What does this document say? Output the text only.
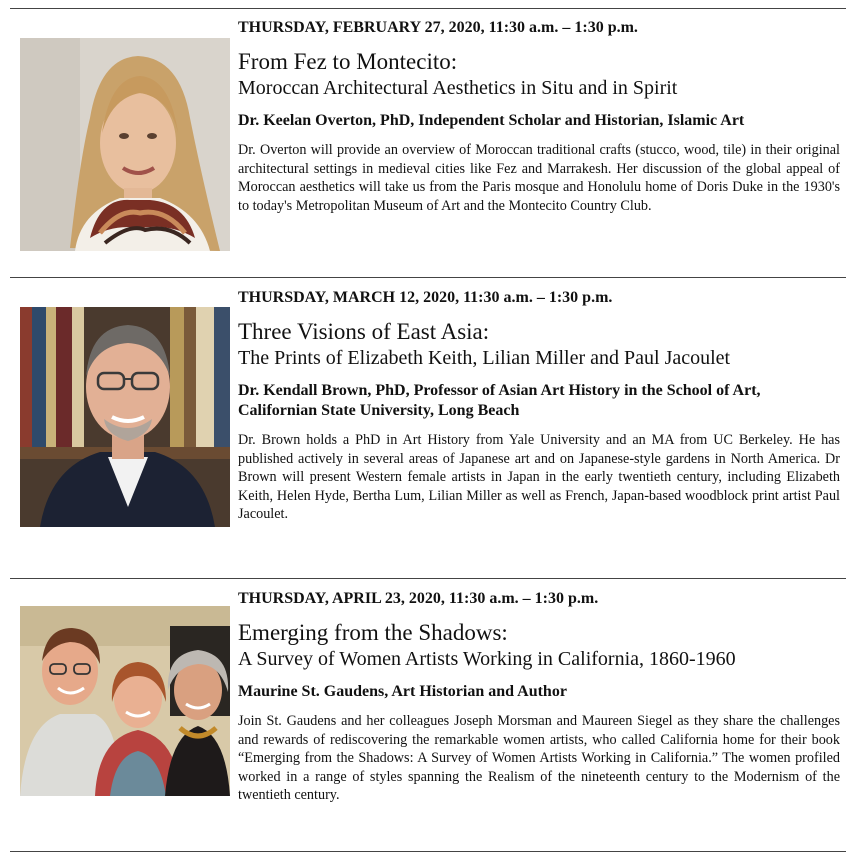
THURSDAY, FEBRUARY 27, 2020, 11:30 a.m. – 1:30 p.m.

From Fez to Montecito:

Moroccan Architectural Aesthetics in Situ and in Spirit

Dr. Keelan Overton, PhD, Independent Scholar and Historian, Islamic Art

Dr. Overton will provide an overview of Moroccan traditional crafts (stucco, wood, tile) in their original architectural settings in medieval cities like Fez and Marrakesh. Her discussion of the global appeal of Moroccan aesthetics will take us from the Paris mosque and Honolulu home of Doris Duke in the 1930's to today's Metropolitan Museum of Art and the Montecito Country Club.

THURSDAY, MARCH 12, 2020, 11:30 a.m. – 1:30 p.m.

Three Visions of East Asia:

The Prints of Elizabeth Keith, Lilian Miller and Paul Jacoulet

Dr. Kendall Brown, PhD, Professor of Asian Art History in the School of Art, Californian State University, Long Beach

Dr. Brown holds a PhD in Art History from Yale University and an MA from UC Berkeley. He has published actively in several areas of Japanese art and on Japanese-style gardens in North America. Dr Brown will present Western female artists in Japan in the early twentieth century, including Elizabeth Keith, Helen Hyde, Bertha Lum, Lilian Miller as well as French, Japan-based woodblock print artist Paul Jacoulet.

THURSDAY, APRIL 23, 2020, 11:30 a.m. – 1:30 p.m.

Emerging from the Shadows:

A Survey of Women Artists Working in California, 1860-1960

Maurine St. Gaudens, Art Historian and Author

Join St. Gaudens and her colleagues Joseph Morsman and Maureen Siegel as they share the challenges and rewards of rediscovering the remarkable women artists, who called California home for their book “Emerging from the Shadows: A Survey of Women Artists Working in California.” The women profiled worked in a range of styles spanning the Realism of the nineteenth century to the Modernism of the twentieth century.
